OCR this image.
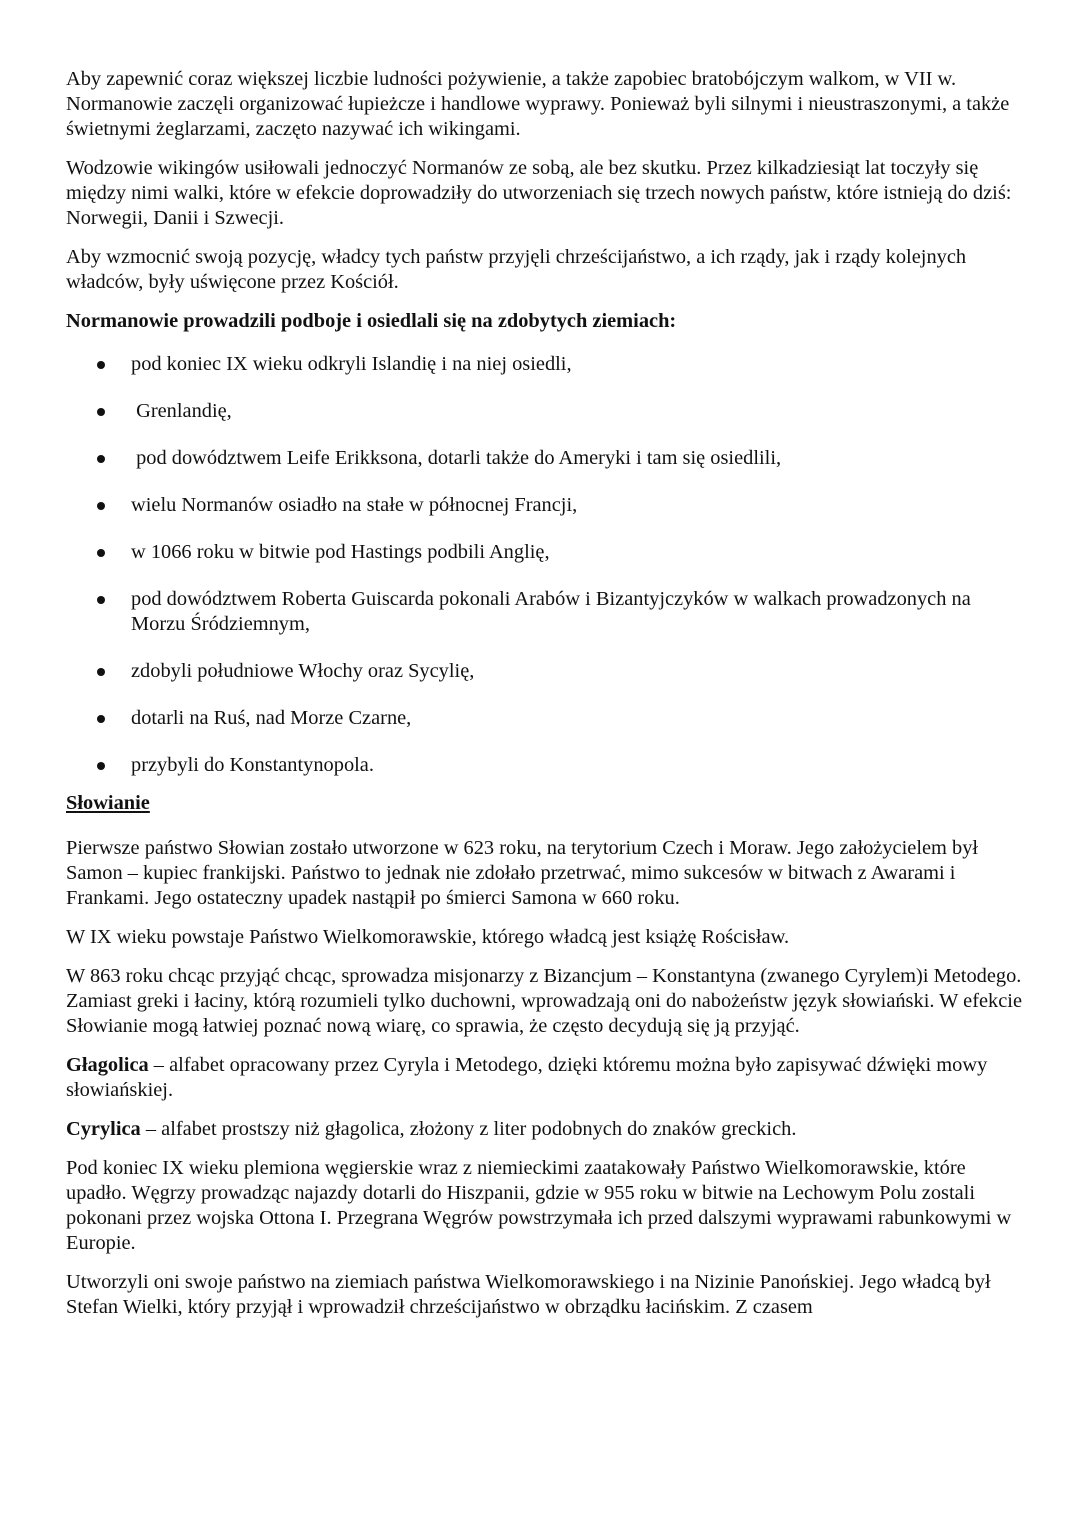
Aby zapewnić coraz większej liczbie ludności pożywienie, a także zapobiec bratobójczym walkom, w VII w. Normanowie zaczęli organizować łupieżcze i handlowe wyprawy. Ponieważ byli silnymi i nieustraszonymi, a także świetnymi żeglarzami, zaczęto nazywać ich wikingami.

Wodzowie wikingów usiłowali jednoczyć Normanów ze sobą, ale bez skutku. Przez kilkadziesiąt lat toczyły się między nimi walki, które w efekcie doprowadziły do utworzeniach się trzech nowych państw, które istnieją do dziś: Norwegii, Danii i Szwecji.

Aby wzmocnić swoją pozycję, władcy tych państw przyjęli chrześcijaństwo, a ich rządy, jak i rządy kolejnych władców, były uświęcone przez Kościół.

Normanowie prowadzili podboje i osiedlali się na zdobytych ziemiach:

pod koniec IX wieku odkryli Islandię i na niej osiedli,
Grenlandię,
pod dowództwem Leife Erikksona, dotarli także do Ameryki i tam się osiedlili,
wielu Normanów osiadło na stałe w północnej Francji,
w 1066 roku w bitwie pod Hastings podbili Anglię,
pod dowództwem Roberta Guiscarda pokonali Arabów i Bizantyjczyków w walkach prowadzonych na Morzu Śródziemnym,
zdobyli południowe Włochy oraz Sycylię,
dotarli na Ruś, nad Morze Czarne,
przybyli do Konstantynopola.

Słowianie

Pierwsze państwo Słowian zostało utworzone w 623 roku, na terytorium Czech i Moraw. Jego założycielem był Samon – kupiec frankijski. Państwo to jednak nie zdołało przetrwać, mimo sukcesów w bitwach z Awarami i Frankami. Jego ostateczny upadek nastąpił po śmierci Samona w 660 roku.

W IX wieku powstaje Państwo Wielkomorawskie, którego władcą jest książę Rościsław.

W 863 roku chcąc przyjąć chcąc, sprowadza misjonarzy z Bizancjum – Konstantyna (zwanego Cyrylem)i Metodego. Zamiast greki i łaciny, którą rozumieli tylko duchowni, wprowadzają oni do nabożeństw język słowiański. W efekcie Słowianie mogą łatwiej poznać nową wiarę, co sprawia, że często decydują się ją przyjąć.

Głagolica – alfabet opracowany przez Cyryla i Metodego, dzięki któremu można było zapisywać dźwięki mowy słowiańskiej.

Cyrylica – alfabet prostszy niż głagolica, złożony z liter podobnych do znaków greckich.

Pod koniec IX wieku plemiona węgierskie wraz z niemieckimi zaatakowały Państwo Wielkomorawskie, które upadło. Węgrzy prowadząc najazdy dotarli do Hiszpanii, gdzie w 955 roku w bitwie na Lechowym Polu zostali pokonani przez wojska Ottona I. Przegrana Węgrów powstrzymała ich przed dalszymi wyprawami rabunkowymi w Europie.

Utworzyli oni swoje państwo na ziemiach państwa Wielkomorawskiego i na Nizinie Panońskiej. Jego władcą był Stefan Wielki, który przyjął i wprowadził chrześcijaństwo w obrządku łacińskim. Z czasem
